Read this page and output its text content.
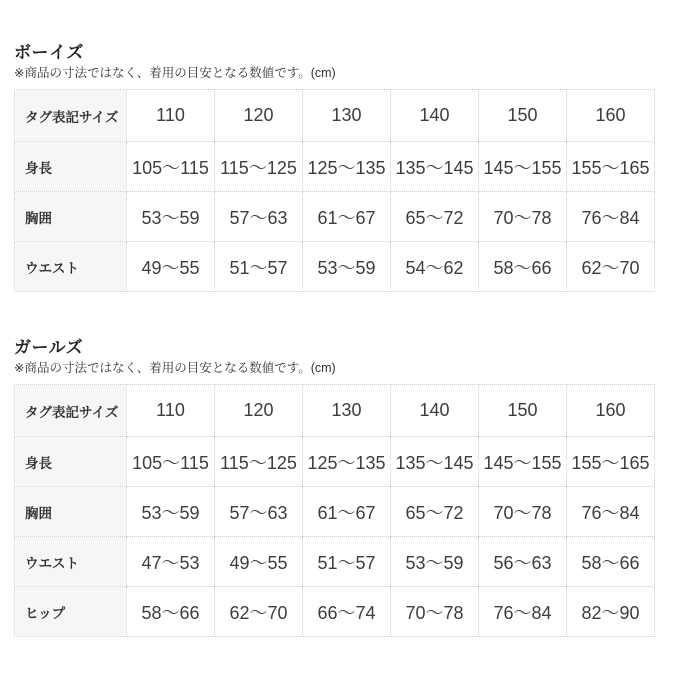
ボーイズ

※商品の寸法ではなく、着用の目安となる数値です。(cm)

タグ表記サイズ	110	120	130	140	150	160
身長	105〜115	115〜125	125〜135	135〜145	145〜155	155〜165
胸囲	53〜59	57〜63	61〜67	65〜72	70〜78	76〜84
ウエスト	49〜55	51〜57	53〜59	54〜62	58〜66	62〜70
ガールズ

※商品の寸法ではなく、着用の目安となる数値です。(cm)

タグ表記サイズ	110	120	130	140	150	160
身長	105〜115	115〜125	125〜135	135〜145	145〜155	155〜165
胸囲	53〜59	57〜63	61〜67	65〜72	70〜78	76〜84
ウエスト	47〜53	49〜55	51〜57	53〜59	56〜63	58〜66
ヒップ	58〜66	62〜70	66〜74	70〜78	76〜84	82〜90
